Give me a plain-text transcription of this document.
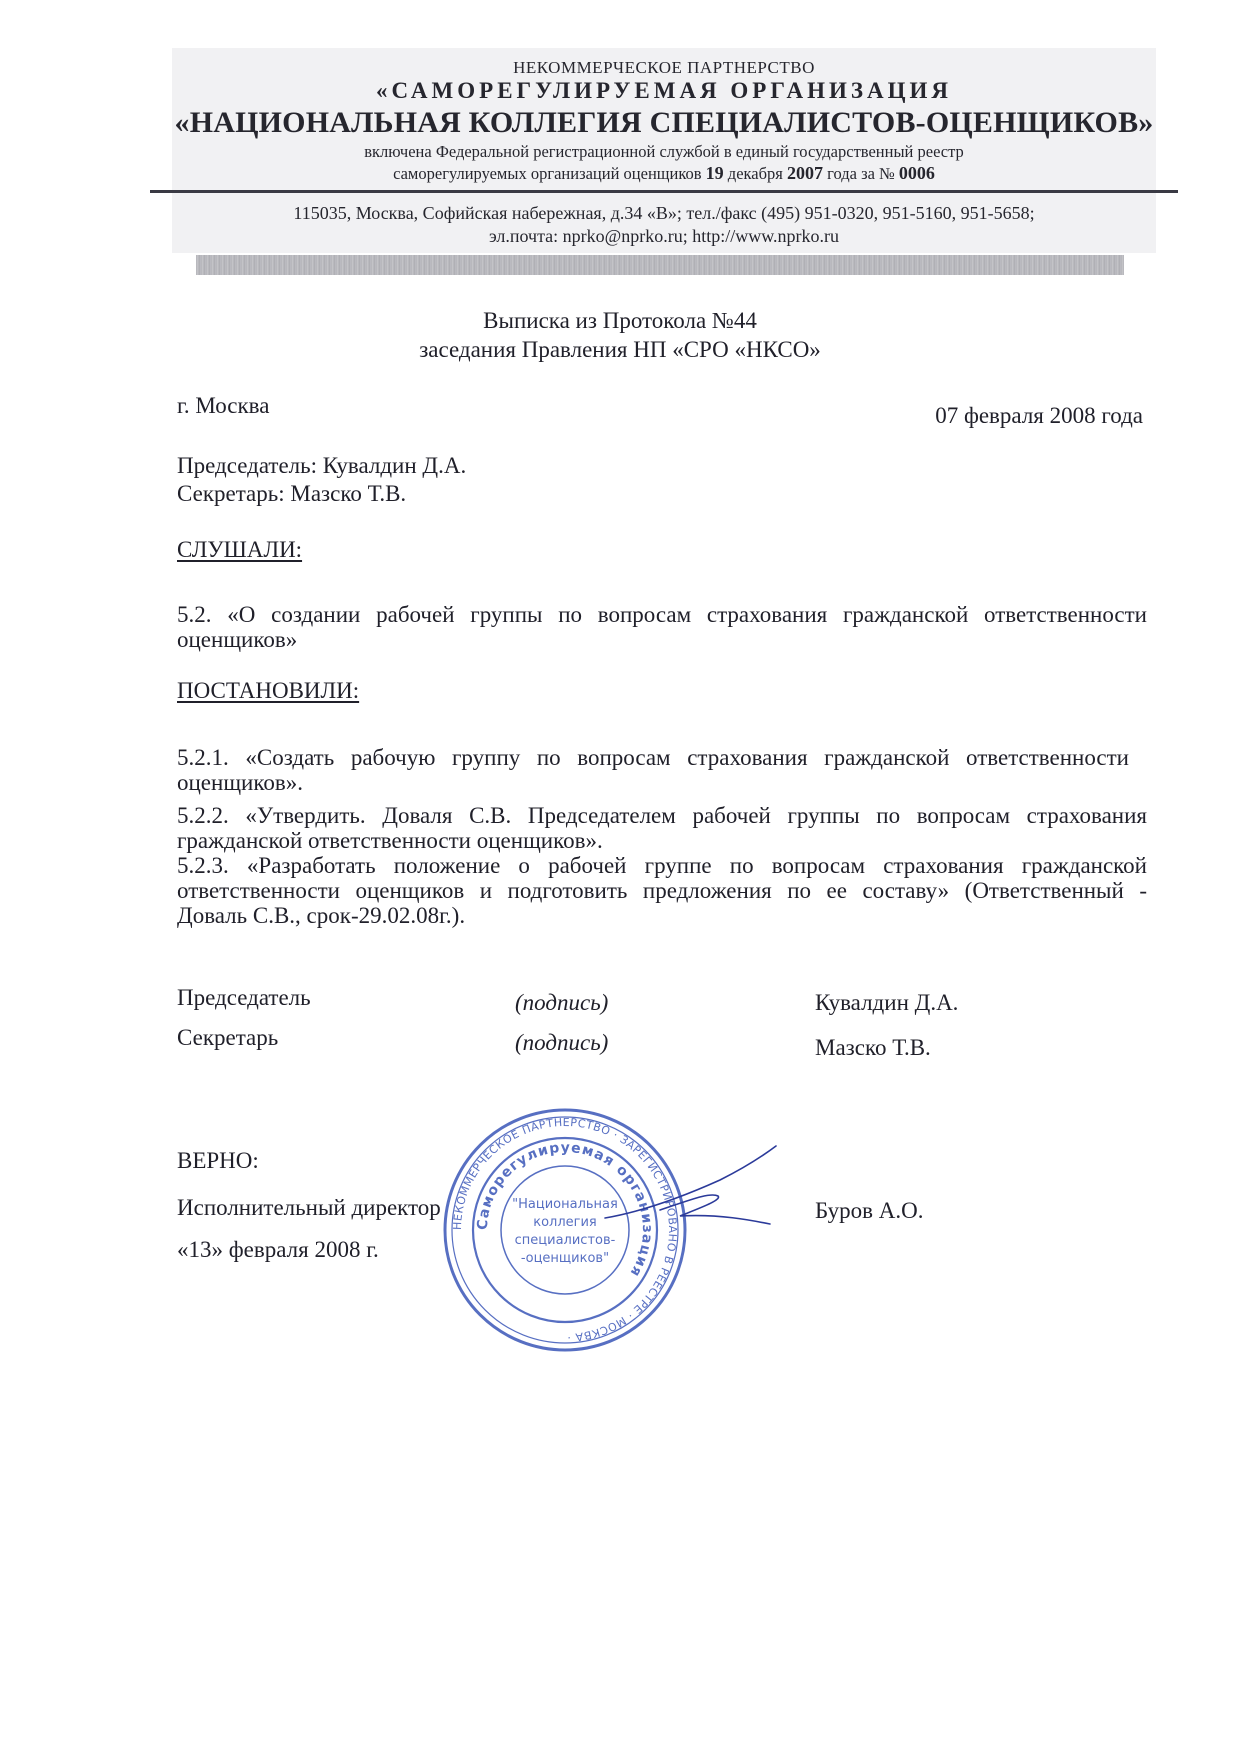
НЕКОММЕРЧЕСКОЕ ПАРТНЕРСТВО
«САМОРЕГУЛИРУЕМАЯ ОРГАНИЗАЦИЯ
«НАЦИОНАЛЬНАЯ КОЛЛЕГИЯ СПЕЦИАЛИСТОВ-ОЦЕНЩИКОВ»
включена Федеральной регистрационной службой в единый государственный реестр
саморегулируемых организаций оценщиков 19 декабря 2007 года за № 0006
115035, Москва, Софийская набережная, д.34 «В»; тел./факс (495) 951-0320, 951-5160, 951-5658;
эл.почта: nprko@nprko.ru; http://www.nprko.ru
Выписка из Протокола №44
заседания Правления НП «СРО «НКСО»
г. Москва	07 февраля 2008 года
Председатель: Кувалдин Д.А.
Секретарь: Мазско Т.В.
СЛУШАЛИ:
5.2. «О создании рабочей группы по вопросам страхования гражданской ответственности
оценщиков»
ПОСТАНОВИЛИ:
5.2.1. «Создать рабочую группу по вопросам страхования гражданской ответственности
оценщиков».
5.2.2. «Утвердить. Доваля С.В. Председателем рабочей группы по вопросам страхования
гражданской ответственности оценщиков».
5.2.3. «Разработать положение о рабочей группе по вопросам страхования гражданской
ответственности оценщиков и подготовить предложения по ее составу» (Ответственный -
Доваль С.В., срок-29.02.08г.).
Председатель	(подпись)	Кувалдин Д.А.
Секретарь	(подпись)	Мазско Т.В.
ВЕРНО:
Исполнительный директор	Буров А.О.
«13» февраля 2008 г.
НЕКОММЕРЧЕСКОЕ ПАРТНЕРСТВО · ЗАРЕГИСТРИРОВАНО В РЕЕСТРЕ · МОСКВА ·
Саморегулируемая организация
"Национальная
коллегия
специалистов-
-оценщиков"
